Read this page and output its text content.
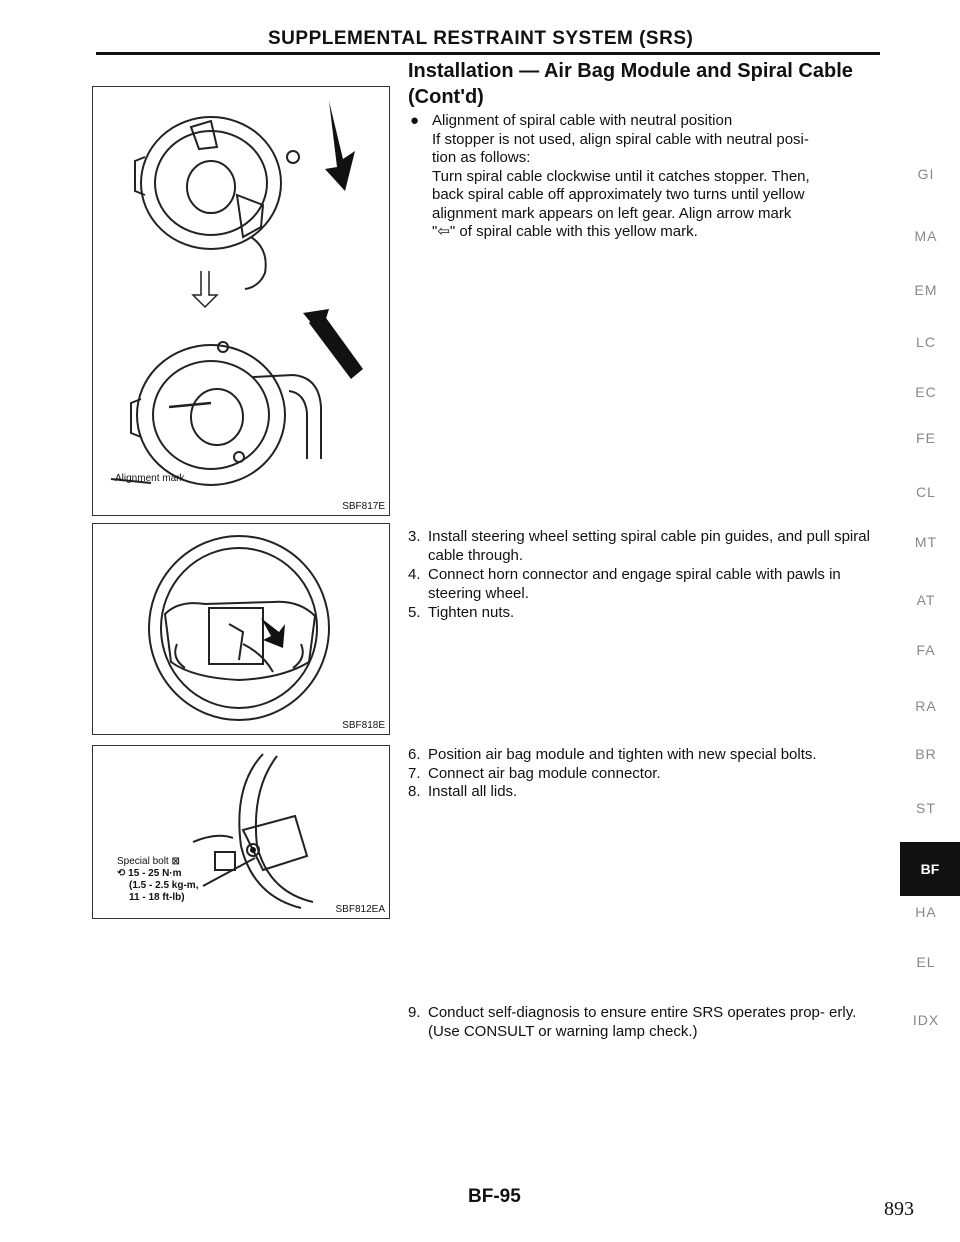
SUPPLEMENTAL RESTRAINT SYSTEM (SRS)
Installation — Air Bag Module and Spiral Cable (Cont'd)
Alignment mark
SBF817E
SBF818E
Special bolt ⊠
⟲ 15 - 25 N·m
(1.5 - 2.5 kg-m,
11 - 18 ft-lb)
SBF812EA
● Alignment of spiral cable with neutral position
If stopper is not used, align spiral cable with neutral posi-
tion as follows:
Turn spiral cable clockwise until it catches stopper. Then,
back spiral cable off approximately two turns until yellow
alignment mark appears on left gear. Align arrow mark
"⇦" of spiral cable with this yellow mark.
3. Install steering wheel setting spiral cable pin guides, and pull spiral cable through.
4. Connect horn connector and engage spiral cable with pawls in steering wheel.
5. Tighten nuts.
6. Position air bag module and tighten with new special bolts.
7. Connect air bag module connector.
8. Install all lids.
9. Conduct self-diagnosis to ensure entire SRS operates prop- erly. (Use CONSULT or warning lamp check.)
GI
MA
EM
LC
EC
FE
CL
MT
AT
FA
RA
BR
ST
BF
HA
EL
IDX
BF-95
893
